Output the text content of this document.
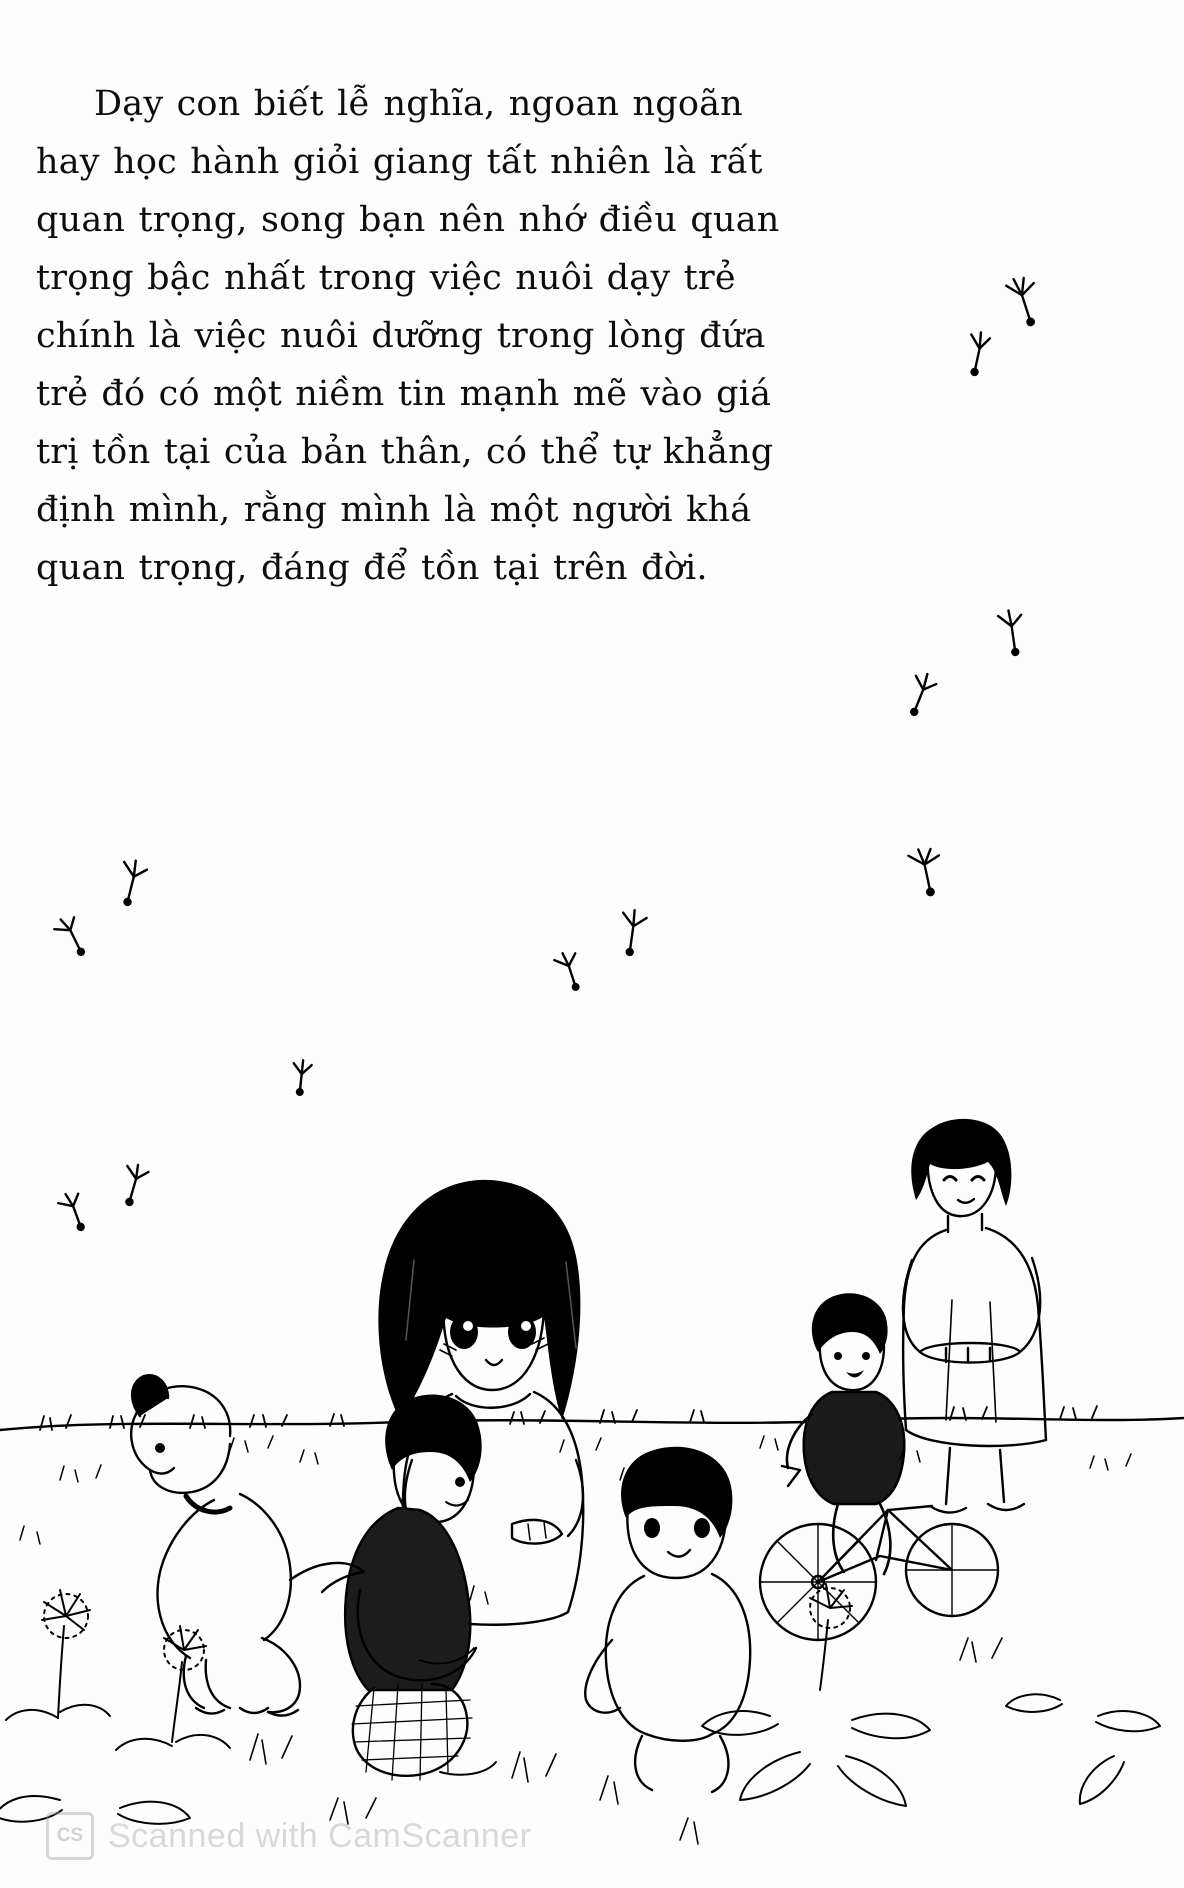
Dạy con biết lễ nghĩa, ngoan ngoãn hay học hành giỏi giang tất nhiên là rất quan trọng, song bạn nên nhớ điều quan trọng bậc nhất trong việc nuôi dạy trẻ chính là việc nuôi dưỡng trong lòng đứa trẻ đó có một niềm tin mạnh mẽ vào giá trị tồn tại của bản thân, có thể tự khẳng định mình, rằng mình là một người khá quan trọng, đáng để tồn tại trên đời.

CS Scanned with CamScanner
